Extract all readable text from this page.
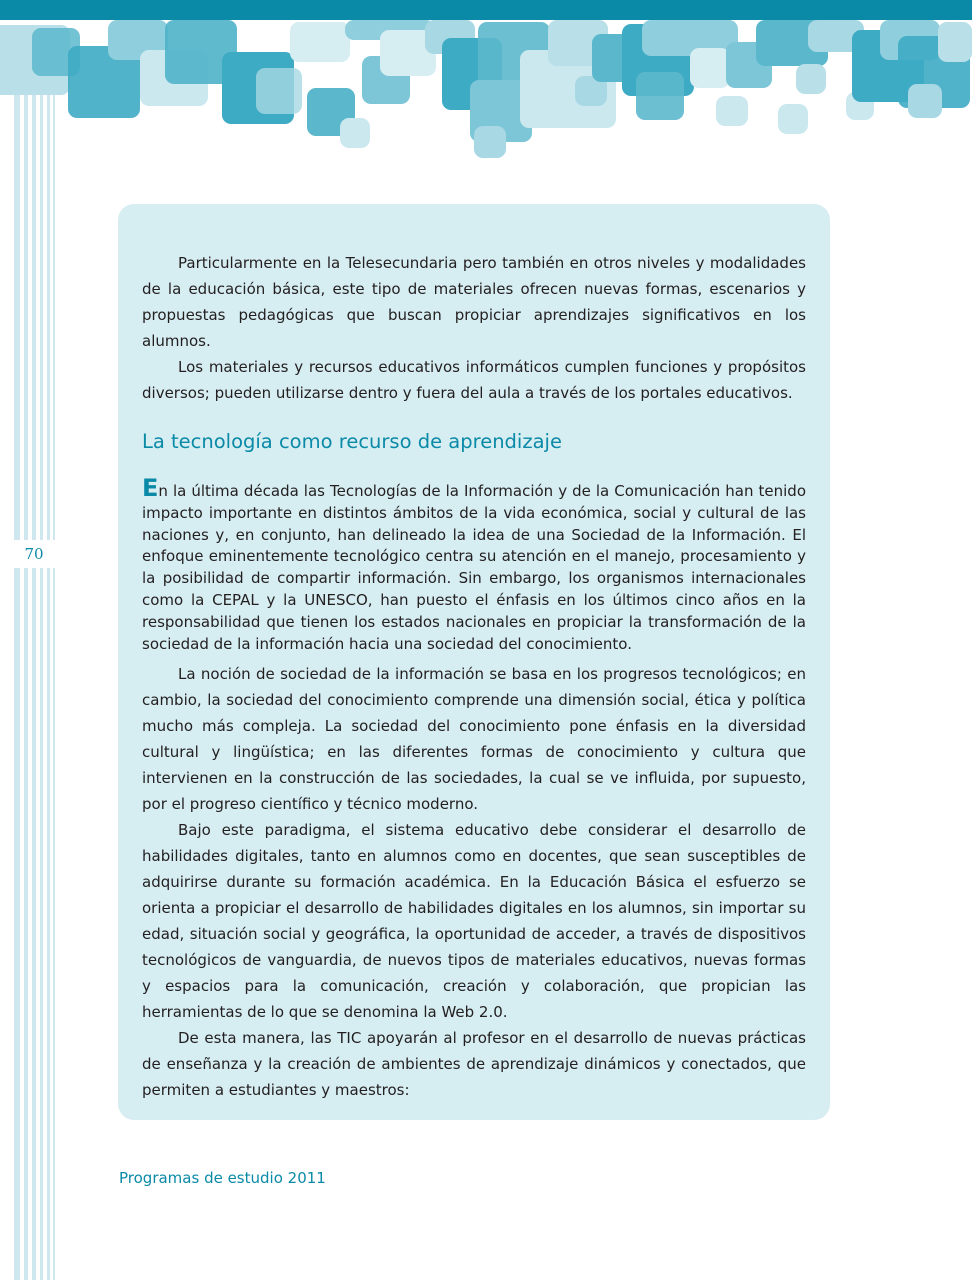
70

Particularmente en la Telesecundaria pero también en otros niveles y modalidades de la educación básica, este tipo de materiales ofrecen nuevas formas, escenarios y propuestas pedagógicas que buscan propiciar aprendizajes significativos en los alumnos.

Los materiales y recursos educativos informáticos cumplen funciones y propósitos diversos; pueden utilizarse dentro y fuera del aula a través de los portales educativos.

La tecnología como recurso de aprendizaje

En la última década las Tecnologías de la Información y de la Comunicación han tenido impacto importante en distintos ámbitos de la vida económica, social y cultural de las naciones y, en conjunto, han delineado la idea de una Sociedad de la Información. El enfoque eminentemente tecnológico centra su atención en el manejo, procesamiento y la posibilidad de compartir información. Sin embargo, los organismos internacionales como la CEPAL y la UNESCO, han puesto el énfasis en los últimos cinco años en la responsabilidad que tienen los estados nacionales en propiciar la transformación de la sociedad de la información hacia una sociedad del conocimiento.

La noción de sociedad de la información se basa en los progresos tecnológicos; en cambio, la sociedad del conocimiento comprende una dimensión social, ética y política mucho más compleja. La sociedad del conocimiento pone énfasis en la diversidad cultural y lingüística; en las diferentes formas de conocimiento y cultura que intervienen en la construcción de las sociedades, la cual se ve influida, por supuesto, por el progreso científico y técnico moderno.

Bajo este paradigma, el sistema educativo debe considerar el desarrollo de habilidades digitales, tanto en alumnos como en docentes, que sean susceptibles de adquirirse durante su formación académica. En la Educación Básica el esfuerzo se orienta a propiciar el desarrollo de habilidades digitales en los alumnos, sin importar su edad, situación social y geográfica, la oportunidad de acceder, a través de dispositivos tecnológicos de vanguardia, de nuevos tipos de materiales educativos, nuevas formas y espacios para la comunicación, creación y colaboración, que propician las herramientas de lo que se denomina la Web 2.0.

De esta manera, las TIC apoyarán al profesor en el desarrollo de nuevas prácticas de enseñanza y la creación de ambientes de aprendizaje dinámicos y conectados, que permiten a estudiantes y maestros:

Programas de estudio 2011
